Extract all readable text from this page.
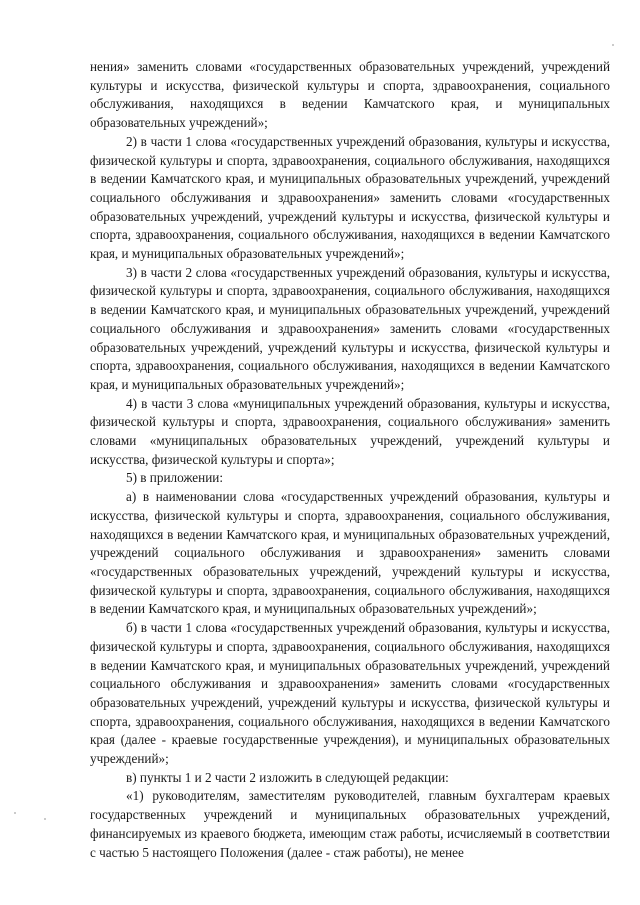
нения» заменить словами «государственных образовательных учреждений, учреждений культуры и искусства, физической культуры и спорта, здравоохранения, социального обслуживания, находящихся в ведении Камчатского края, и муниципальных образовательных учреждений»;

2) в части 1 слова «государственных учреждений образования, культуры и искусства, физической культуры и спорта, здравоохранения, социального обслуживания, находящихся в ведении Камчатского края, и муниципальных образовательных учреждений, учреждений социального обслуживания и здравоохранения» заменить словами «государственных образовательных учреждений, учреждений культуры и искусства, физической культуры и спорта, здравоохранения, социального обслуживания, находящихся в ведении Камчатского края, и муниципальных образовательных учреждений»;

3) в части 2 слова «государственных учреждений образования, культуры и искусства, физической культуры и спорта, здравоохранения, социального обслуживания, находящихся в ведении Камчатского края, и муниципальных образовательных учреждений, учреждений социального обслуживания и здравоохранения» заменить словами «государственных образовательных учреждений, учреждений культуры и искусства, физической культуры и спорта, здравоохранения, социального обслуживания, находящихся в ведении Камчатского края, и муниципальных образовательных учреждений»;

4) в части 3 слова «муниципальных учреждений образования, культуры и искусства, физической культуры и спорта, здравоохранения, социального обслуживания» заменить словами «муниципальных образовательных учреждений, учреждений культуры и искусства, физической культуры и спорта»;

5) в приложении:

а) в наименовании слова «государственных учреждений образования, культуры и искусства, физической культуры и спорта, здравоохранения, социального обслуживания, находящихся в ведении Камчатского края, и муниципальных образовательных учреждений, учреждений социального обслуживания и здравоохранения» заменить словами «государственных образовательных учреждений, учреждений культуры и искусства, физической культуры и спорта, здравоохранения, социального обслуживания, находящихся в ведении Камчатского края, и муниципальных образовательных учреждений»;

б) в части 1 слова «государственных учреждений образования, культуры и искусства, физической культуры и спорта, здравоохранения, социального обслуживания, находящихся в ведении Камчатского края, и муниципальных образовательных учреждений, учреждений социального обслуживания и здравоохранения» заменить словами «государственных образовательных учреждений, учреждений культуры и искусства, физической культуры и спорта, здравоохранения, социального обслуживания, находящихся в ведении Камчатского края (далее - краевые государственные учреждения), и муниципальных образовательных учреждений»;

в) пункты 1 и 2 части 2 изложить в следующей редакции:

«1) руководителям, заместителям руководителей, главным бухгалтерам краевых государственных учреждений и муниципальных образовательных учреждений, финансируемых из краевого бюджета, имеющим стаж работы, исчисляемый в соответствии с частью 5 настоящего Положения (далее - стаж работы), не менее
